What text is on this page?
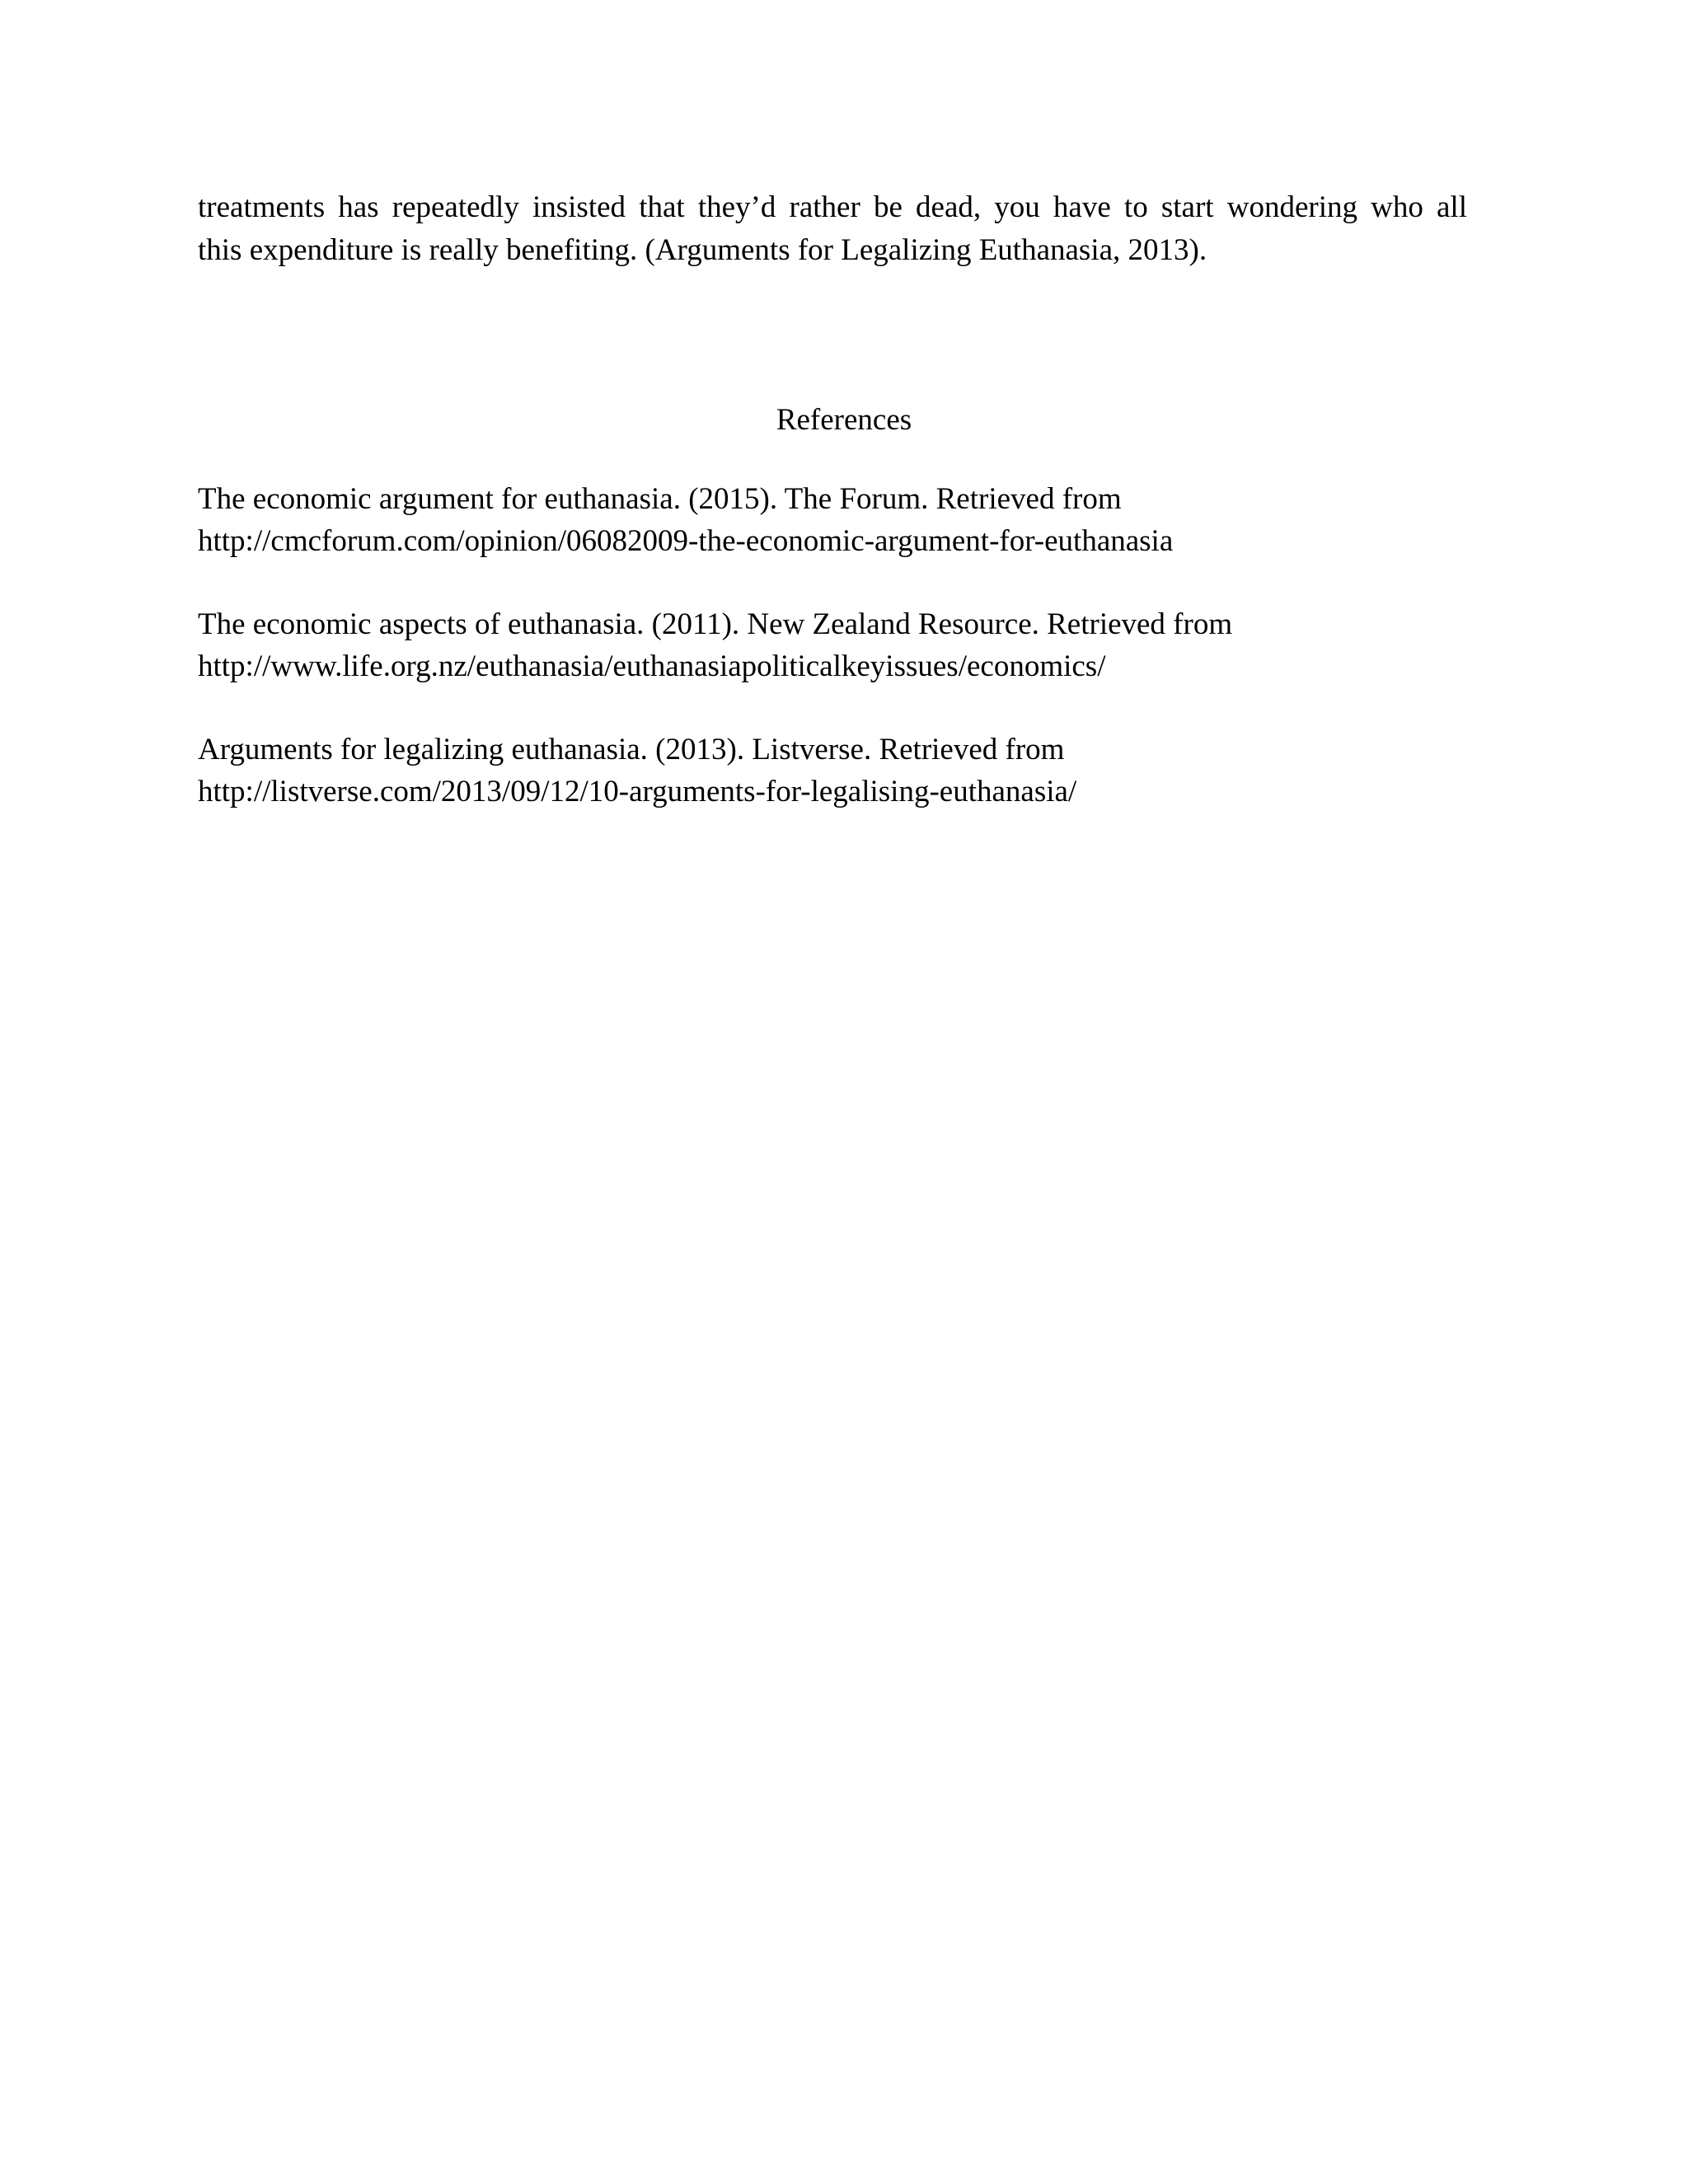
treatments has repeatedly insisted that they’d rather be dead, you have to start wondering who all
this expenditure is really benefiting. (Arguments for Legalizing Euthanasia, 2013).
References
The economic argument for euthanasia. (2015). The Forum. Retrieved from
http://cmcforum.com/opinion/06082009-the-economic-argument-for-euthanasia
The economic aspects of euthanasia. (2011). New Zealand Resource. Retrieved from
http://www.life.org.nz/euthanasia/euthanasiapoliticalkeyissues/economics/
Arguments for legalizing euthanasia. (2013). Listverse. Retrieved from
http://listverse.com/2013/09/12/10-arguments-for-legalising-euthanasia/
